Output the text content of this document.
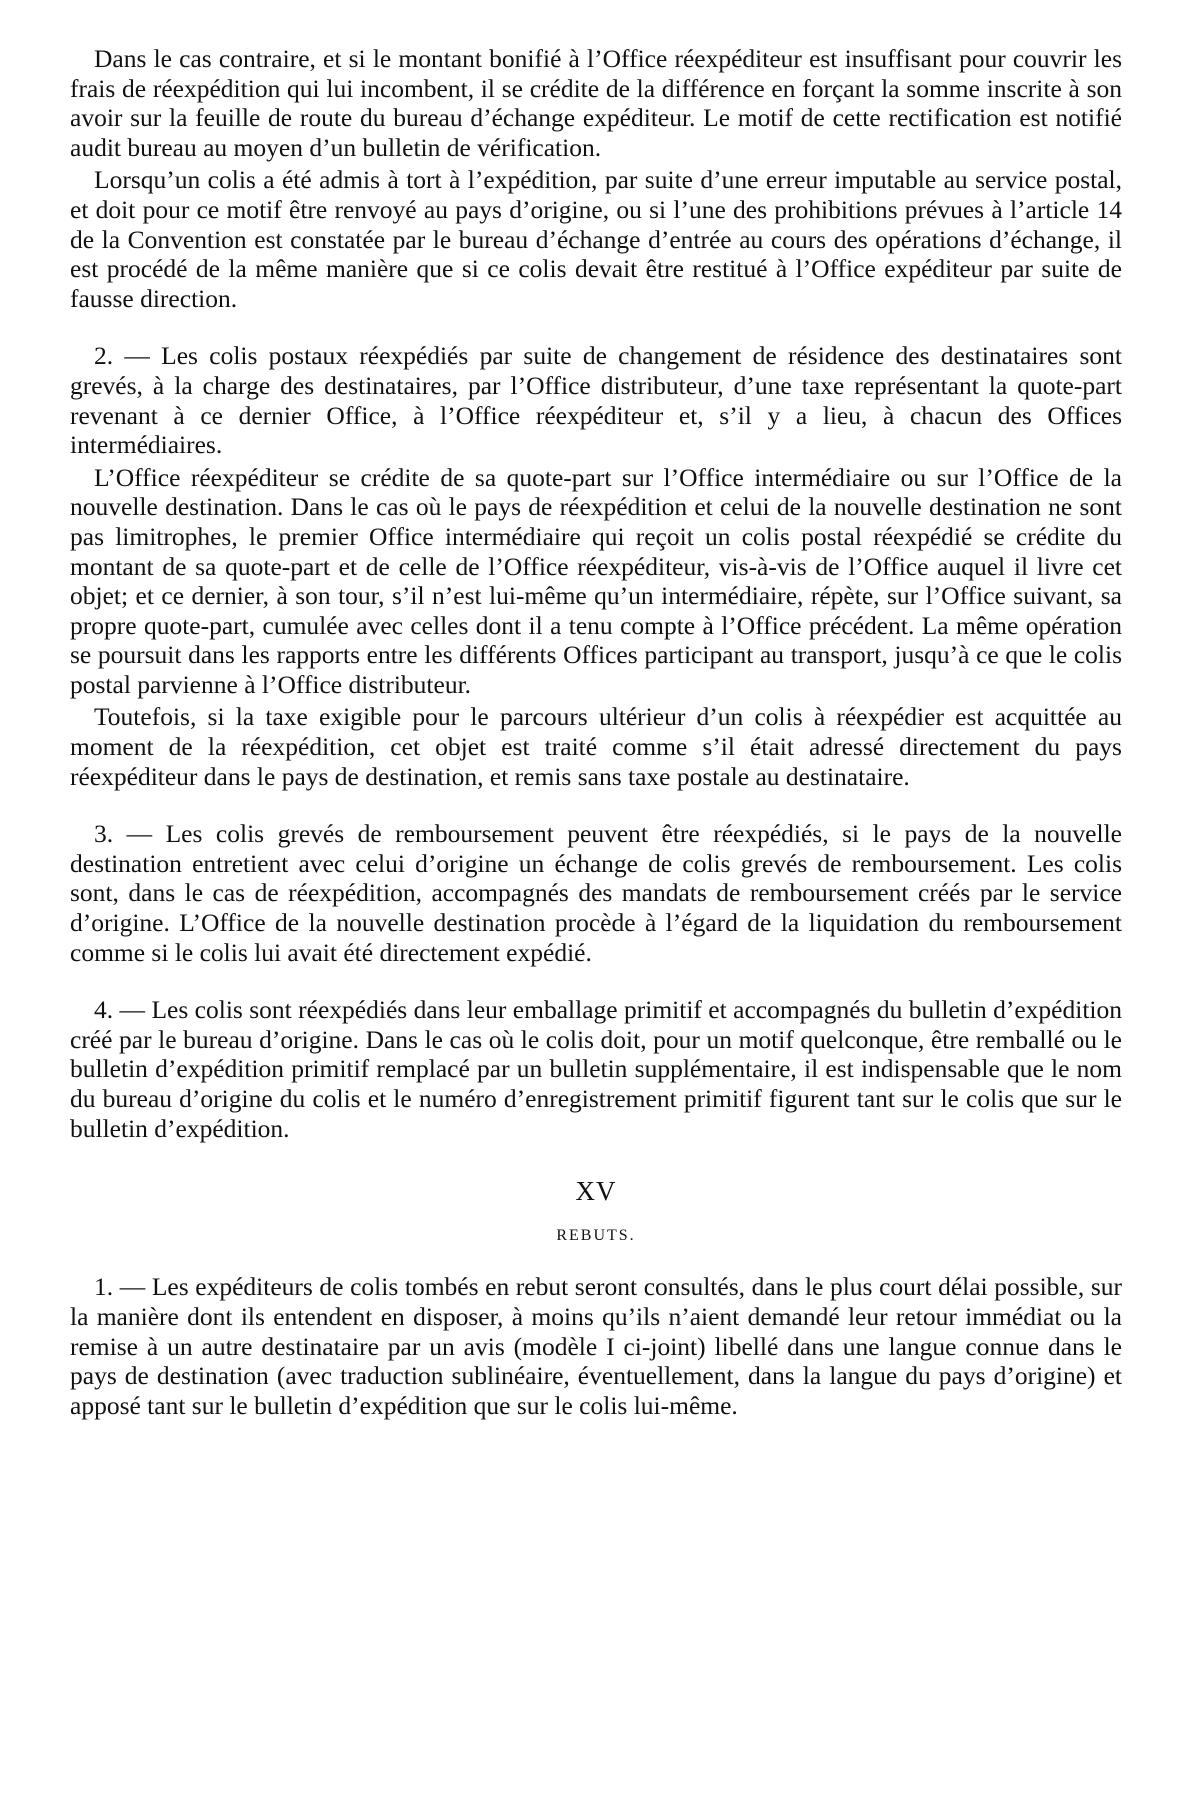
Dans le cas contraire, et si le montant bonifié à l’Office réexpéditeur est insuffisant pour couvrir les frais de réexpédition qui lui incombent, il se crédite de la différence en forçant la somme inscrite à son avoir sur la feuille de route du bureau d’échange expéditeur. Le motif de cette rectification est notifié audit bureau au moyen d’un bulletin de vérification.

Lorsqu’un colis a été admis à tort à l’expédition, par suite d’une erreur imputable au service postal, et doit pour ce motif être renvoyé au pays d’origine, ou si l’une des prohibitions prévues à l’article 14 de la Convention est constatée par le bureau d’échange d’entrée au cours des opérations d’échange, il est procédé de la même manière que si ce colis devait être restitué à l’Office expéditeur par suite de fausse direction.

2. — Les colis postaux réexpédiés par suite de changement de résidence des destinataires sont grevés, à la charge des destinataires, par l’Office distributeur, d’une taxe représentant la quote-part revenant à ce dernier Office, à l’Office réexpéditeur et, s’il y a lieu, à chacun des Offices intermédiaires.

L’Office réexpéditeur se crédite de sa quote-part sur l’Office intermédiaire ou sur l’Office de la nouvelle destination. Dans le cas où le pays de réexpédition et celui de la nouvelle destination ne sont pas limitrophes, le premier Office intermédiaire qui reçoit un colis postal réexpédié se crédite du montant de sa quote-part et de celle de l’Office réexpéditeur, vis-à-vis de l’Office auquel il livre cet objet; et ce dernier, à son tour, s’il n’est lui-même qu’un intermédiaire, répète, sur l’Office suivant, sa propre quote-part, cumulée avec celles dont il a tenu compte à l’Office précédent. La même opération se poursuit dans les rapports entre les différents Offices participant au transport, jusqu’à ce que le colis postal parvienne à l’Office distributeur.

Toutefois, si la taxe exigible pour le parcours ultérieur d’un colis à réexpédier est acquittée au moment de la réexpédition, cet objet est traité comme s’il était adressé directement du pays réexpéditeur dans le pays de destination, et remis sans taxe postale au destinataire.

3. — Les colis grevés de remboursement peuvent être réexpédiés, si le pays de la nouvelle destination entretient avec celui d’origine un échange de colis grevés de remboursement. Les colis sont, dans le cas de réexpédition, accompagnés des mandats de remboursement créés par le service d’origine. L’Office de la nouvelle destination procède à l’égard de la liquidation du remboursement comme si le colis lui avait été directement expédié.

4. — Les colis sont réexpédiés dans leur emballage primitif et accompagnés du bulletin d’expédition créé par le bureau d’origine. Dans le cas où le colis doit, pour un motif quelconque, être remballé ou le bulletin d’expédition primitif remplacé par un bulletin supplémentaire, il est indispensable que le nom du bureau d’origine du colis et le numéro d’enregistrement primitif figurent tant sur le colis que sur le bulletin d’expédition.

XV
REBUTS.

1. — Les expéditeurs de colis tombés en rebut seront consultés, dans le plus court délai possible, sur la manière dont ils entendent en disposer, à moins qu’ils n’aient demandé leur retour immédiat ou la remise à un autre destinataire par un avis (modèle I ci-joint) libellé dans une langue connue dans le pays de destination (avec traduction sublinéaire, éventuellement, dans la langue du pays d’origine) et apposé tant sur le bulletin d’expédition que sur le colis lui-même.
